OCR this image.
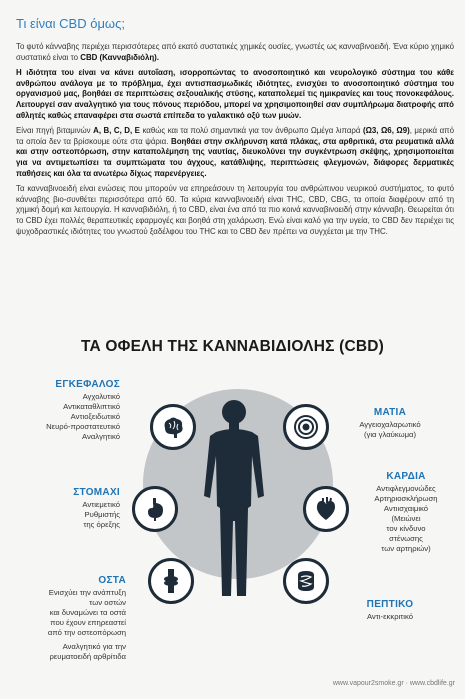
Τι είναι CBD όμως;

Το φυτό κάνναβης περιέχει περισσότερες από εκατό συστατικές χημικές ουσίες, γνωστές ως κανναβινοειδή. Ένα κύριο χημικό συστατικό είναι το CBD (Κανναβιδιόλη).

Η ιδιότητα του είναι να κάνει αυτοΐαση, ισορροπώντας το ανοσοποιητικό και νευρολογικό σύστημα του κάθε ανθρώπου ανάλογα με το πρόβλημα, έχει αντισπασμωδικές ιδιότητες, ενισχύει το ανοσοποιητικό σύστημα του οργανισμού μας, βοηθάει σε περιπτώσεις σεξουαλικής στύσης, καταπολεμεί τις ημικρανίες και τους πονοκεφάλους. Λειτουργεί σαν αναλγητικό για τους πόνους περιόδου, μπορεί να χρησιμοποιηθεί σαν συμπλήρωμα διατροφής από αθλητές καθώς επαναφέρει στα σωστά επίπεδα το γαλακτικό οξύ των μυών.

Είναι πηγή βιταμινών A, B, C, D, E καθώς και τα πολύ σημαντικά για τον άνθρωπο Ωμέγα λιπαρά (Ω3, Ω6, Ω9), μερικά από τα οποία δεν τα βρίσκουμε ούτε στα ψάρια. Βοηθάει στην σκλήρυνση κατά πλάκας, στα αρθριτικά, στα ρευματικά αλλά και στην οστεοπόρωση, στην καταπολέμηση της ναυτίας, διευκολύνει την συγκέντρωση σκέψης, χρησιμοποιείται για να αντιμετωπίσει τα συμπτώματα του άγχους, κατάθλιψης, περιπτώσεις φλεγμονών, διάφορες δερματικές παθήσεις και όλα τα ανωτέρω δίχως παρενέργειες.

Τα κανναβινοειδή είναι ενώσεις που μπορούν να επηρεάσουν τη λειτουργία του ανθρώπινου νευρικού συστήματος, το φυτό κάνναβης βιο-συνθέτει περισσότερα από 60. Τα κύρια κανναβινοειδή είναι THC, CBD, CBG, τα οποία διαφέρουν από τη χημική δομή και λειτουργία. Η κανναβιδιόλη, ή το CBD, είναι ένα από τα πιο κοινά κανναβινοειδή στην κάνναβη. Θεωρείται ότι το CBD έχει πολλές θεραπευτικές εφαρμογές και βοηθά στη χαλάρωση. Ενώ είναι καλό για την υγεία, το CBD δεν περιέχει τις ψυχοδραστικές ιδιότητες του γνωστού ξαδέλφου του THC και το CBD δεν πρέπει να συγχέεται με την THC.

ΤΑ ΟΦΕΛΗ ΤΗΣ ΚΑΝΝΑΒΙΔΙΟΛΗΣ (CBD)
ΕΓΚΕΦΑΛΟΣ
Αγχολυτικό
Αντικαταθλιπτικό
Αντιοξειδωτικό
Νευρό-προστατευτικό
Αναλγητικό
ΜΑΤΙΑ
Αγγειοχαλαρωτικό
(για γλαύκωμα)
ΣΤΟΜΑΧΙ
Αντιεμετικό
Ρυθμιστής
της όρεξης
ΚΑΡΔΙΑ
Αντιφλεγμονώδες
Αρτηριοσκλήρωση
Αντιισχαιμικό
(Μειώνει
τον κίνδυνο
στένωσης
των αρτηριών)
ΟΣΤΑ
Ενισχύει την ανάπτυξη
των οστών
και δυναμώνει τα οστά
που έχουν επηρεαστεί
από την οστεοπόρωση
Αναλγητικό για την
ρευματοειδή αρθρίτιδα
ΠΕΠΤΙΚΟ
Αντι-εκκριτικό
www.vapour2smoke.gr · www.cbdlife.gr
